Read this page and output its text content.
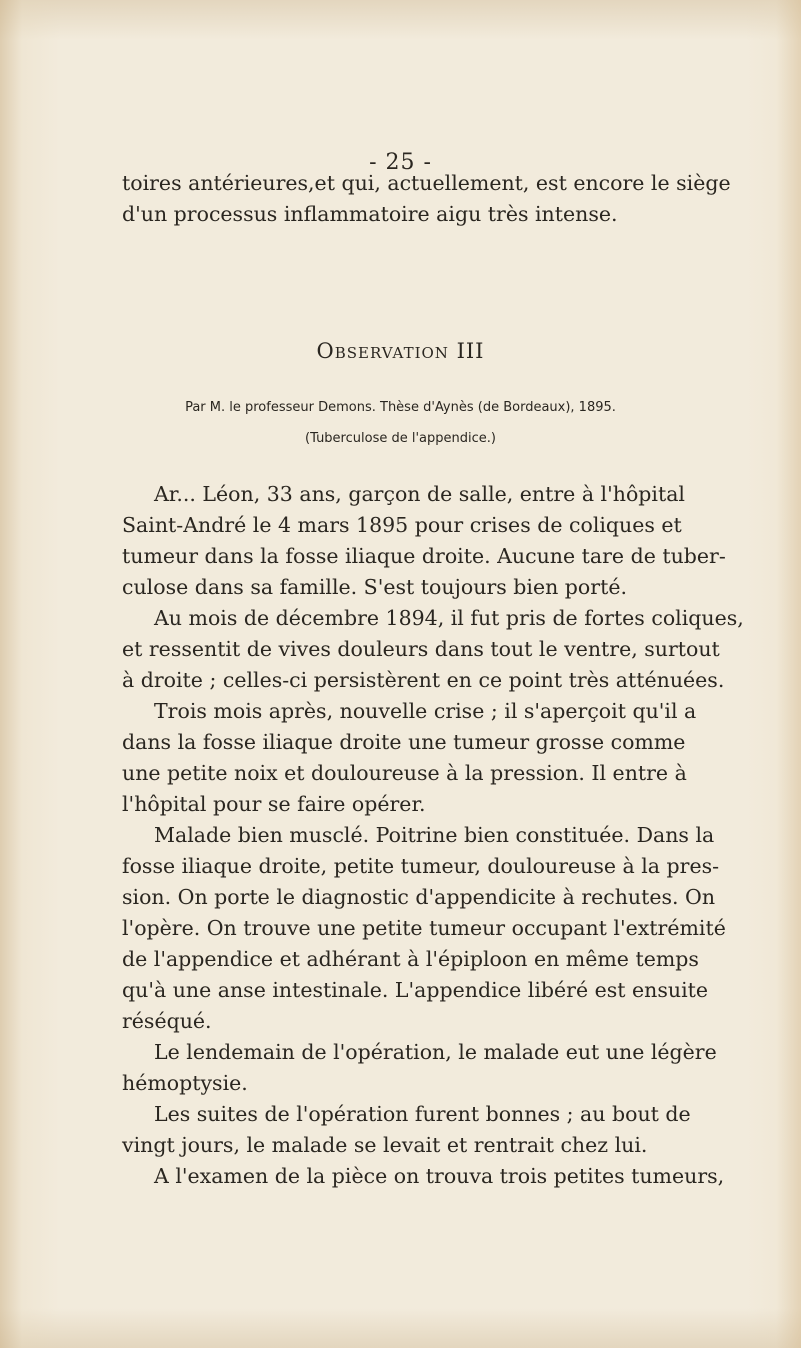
- 25 -
toires antérieures,et qui, actuellement, est encore le siège
d'un processus inflammatoire aigu très intense.
Observation III
Par M. le professeur Demons. Thèse d'Aynès (de Bordeaux), 1895.
(Tuberculose de l'appendice.)
Ar... Léon, 33 ans, garçon de salle, entre à l'hôpital
Saint-André le 4 mars 1895 pour crises de coliques et
tumeur dans la fosse iliaque droite. Aucune tare de tuber-
culose dans sa famille. S'est toujours bien porté.
Au mois de décembre 1894, il fut pris de fortes coliques,
et ressentit de vives douleurs dans tout le ventre, surtout
à droite ; celles-ci persistèrent en ce point très atténuées.
Trois mois après, nouvelle crise ; il s'aperçoit qu'il a
dans la fosse iliaque droite une tumeur grosse comme
une petite noix et douloureuse à la pression. Il entre à
l'hôpital pour se faire opérer.
Malade bien musclé. Poitrine bien constituée. Dans la
fosse iliaque droite, petite tumeur, douloureuse à la pres-
sion. On porte le diagnostic d'appendicite à rechutes. On
l'opère. On trouve une petite tumeur occupant l'extrémité
de l'appendice et adhérant à l'épiploon en même temps
qu'à une anse intestinale. L'appendice libéré est ensuite
réséqué.
Le lendemain de l'opération, le malade eut une légère
hémoptysie.
Les suites de l'opération furent bonnes ; au bout de
vingt jours, le malade se levait et rentrait chez lui.
A l'examen de la pièce on trouva trois petites tumeurs,
